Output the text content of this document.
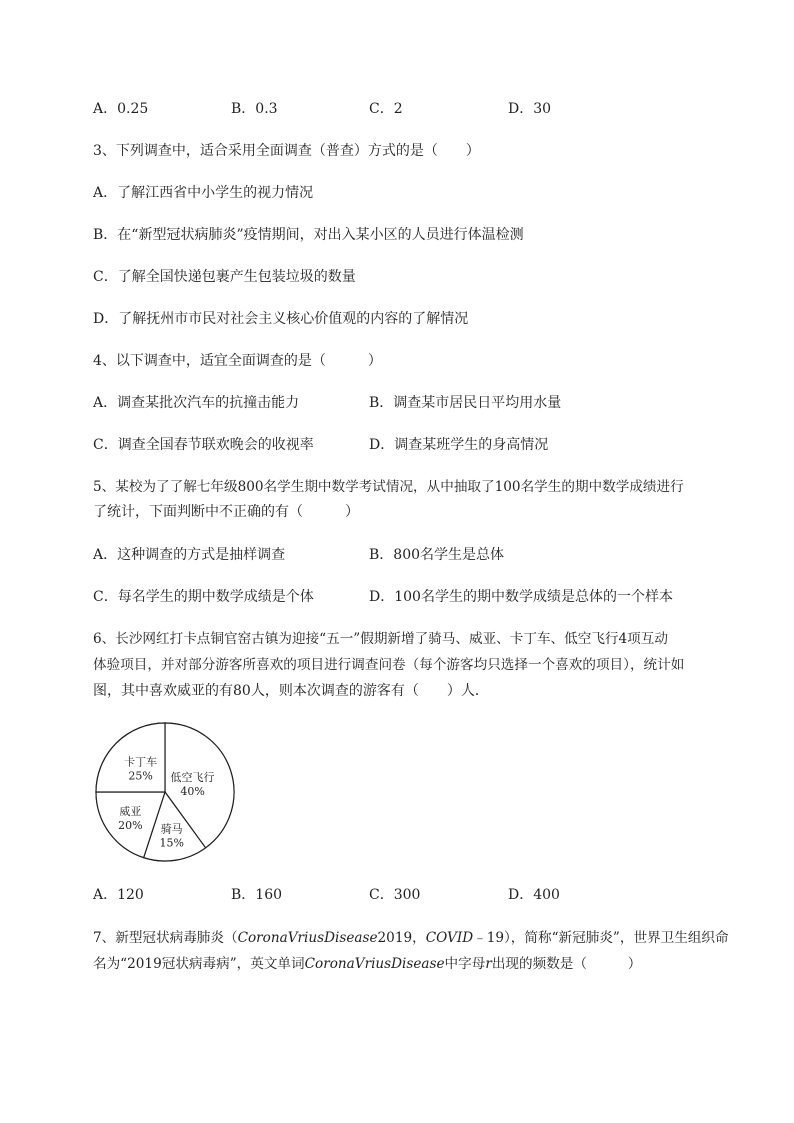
A．0.25	B．0.3	C．2	D．30
3、下列调查中，适合采用全面调查（普查）方式的是（　　）
A．了解江西省中小学生的视力情况
B．在“新型冠状病肺炎”疫情期间，对出入某小区的人员进行体温检测
C．了解全国快递包裹产生包装垃圾的数量
D．了解抚州市市民对社会主义核心价值观的内容的了解情况
4、以下调查中，适宜全面调查的是（　　　）
A．调查某批次汽车的抗撞击能力	B．调查某市居民日平均用水量
C．调查全国春节联欢晚会的收视率	D．调查某班学生的身高情况
5、某校为了了解七年级800名学生期中数学考试情况，从中抽取了100名学生的期中数学成绩进行
了统计，下面判断中不正确的有（　　　）
A．这种调查的方式是抽样调查	B．800名学生是总体
C．每名学生的期中数学成绩是个体	D．100名学生的期中数学成绩是总体的一个样本
6、长沙网红打卡点铜官窑古镇为迎接“五一”假期新增了骑马、威亚、卡丁车、低空飞行4项互动
体验项目，并对部分游客所喜欢的项目进行调查问卷（每个游客均只选择一个喜欢的项目），统计如
图，其中喜欢威亚的有80人，则本次调查的游客有（　　）人．
低空飞行
40%
骑马
15%
威亚
20%
卡丁车
25%
A．120	B．160	C．300	D．400
7、新型冠状病毒肺炎（CoronaVriusDisease2019，COVID﹣19），简称“新冠肺炎”，世界卫生组织命
名为“2019冠状病毒病”，英文单词CoronaVriusDisease中字母r出现的频数是（　　　）
